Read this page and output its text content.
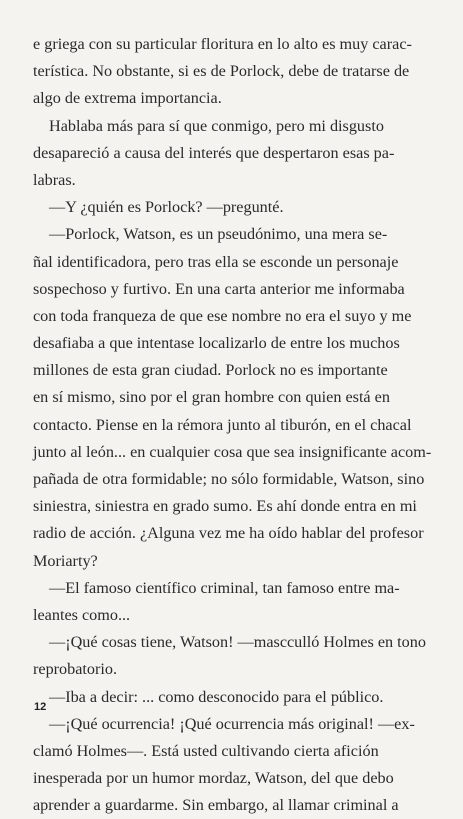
e griega con su particular floritura en lo alto es muy carac-
terística. No obstante, si es de Porlock, debe de tratarse de
algo de extrema importancia.
Hablaba más para sí que conmigo, pero mi disgusto
desapareció a causa del interés que despertaron esas pa-
labras.
—Y ¿quién es Porlock? —pregunté.
—Porlock, Watson, es un pseudónimo, una mera se-
ñal identificadora, pero tras ella se esconde un personaje
sospechoso y furtivo. En una carta anterior me informaba
con toda franqueza de que ese nombre no era el suyo y me
desafiaba a que intentase localizarlo de entre los muchos
millones de esta gran ciudad. Porlock no es importante
en sí mismo, sino por el gran hombre con quien está en
contacto. Piense en la rémora junto al tiburón, en el chacal
junto al león... en cualquier cosa que sea insignificante acom-
pañada de otra formidable; no sólo formidable, Watson, sino
siniestra, siniestra en grado sumo. Es ahí donde entra en mi
radio de acción. ¿Alguna vez me ha oído hablar del profesor
Moriarty?
—El famoso científico criminal, tan famoso entre ma-
leantes como...
—¡Qué cosas tiene, Watson! —mascculló Holmes en tono
reprobatorio.
—Iba a decir: ... como desconocido para el público.
—¡Qué ocurrencia! ¡Qué ocurrencia más original! —ex-
clamó Holmes—. Está usted cultivando cierta afición
inesperada por un humor mordaz, Watson, del que debo
aprender a guardarme. Sin embargo, al llamar criminal a
12
